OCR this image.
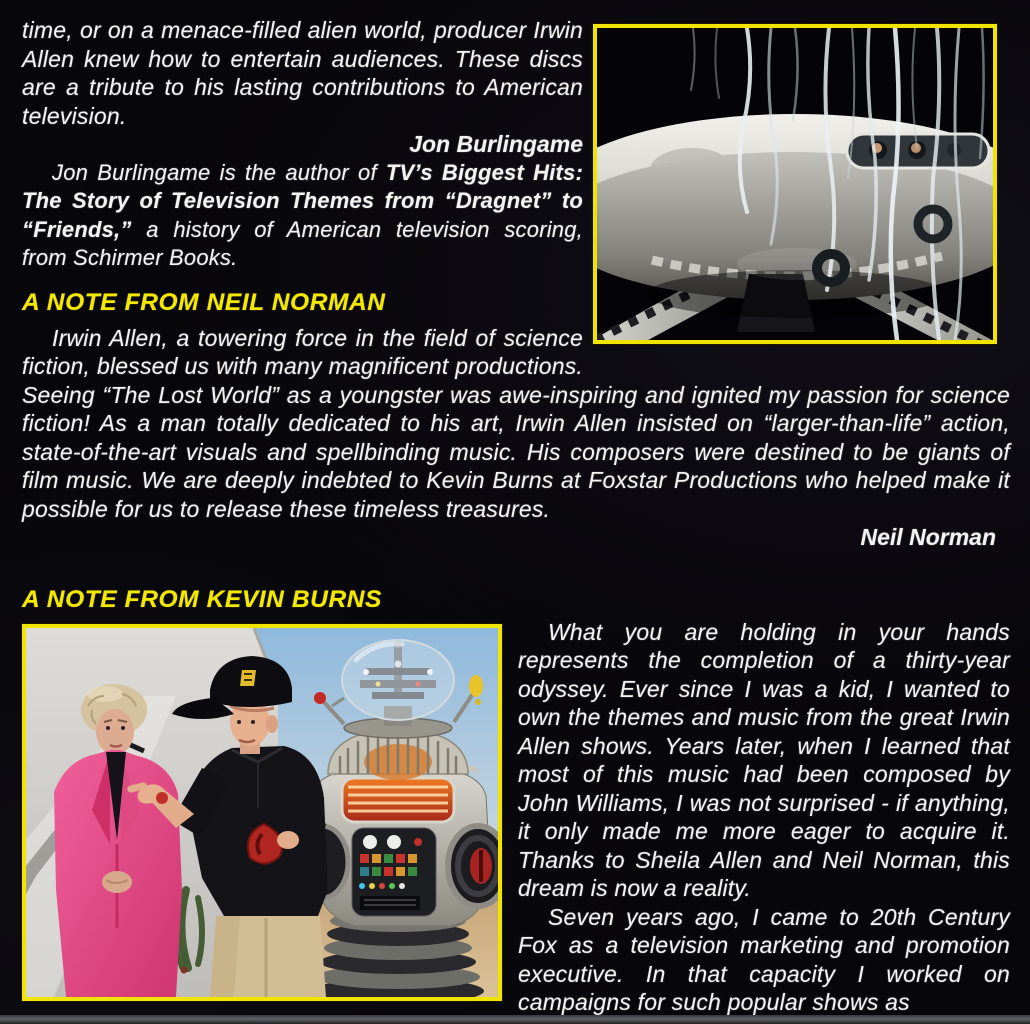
time, or on a menace-filled alien world, producer Irwin Allen knew how to entertain audiences. These discs are a tribute to his lasting contributions to American television.

Jon Burlingame

Jon Burlingame is the author of TV’s Biggest Hits: The Story of Television Themes from “Dragnet” to “Friends,” a history of American television scoring, from Schirmer Books.

A NOTE FROM NEIL NORMAN

Irwin Allen, a towering force in the field of science fiction, blessed us with many magnificent productions. Seeing “The Lost World” as a youngster was awe-inspiring and ignited my passion for science fiction! As a man totally dedicated to his art, Irwin Allen insisted on “larger-than-life” action, state-of-the-art visuals and spellbinding music. His composers were destined to be giants of film music. We are deeply indebted to Kevin Burns at Foxstar Productions who helped make it possible for us to release these timeless treasures.

Neil Norman

A NOTE FROM KEVIN BURNS

What you are holding in your hands represents the completion of a thirty-year odyssey. Ever since I was a kid, I wanted to own the themes and music from the great Irwin Allen shows. Years later, when I learned that most of this music had been composed by John Williams, I was not surprised - if anything, it only made me more eager to acquire it. Thanks to Sheila Allen and Neil Norman, this dream is now a reality.

Seven years ago, I came to 20th Century Fox as a television marketing and promotion executive. In that capacity I worked on campaigns for such popular shows as
